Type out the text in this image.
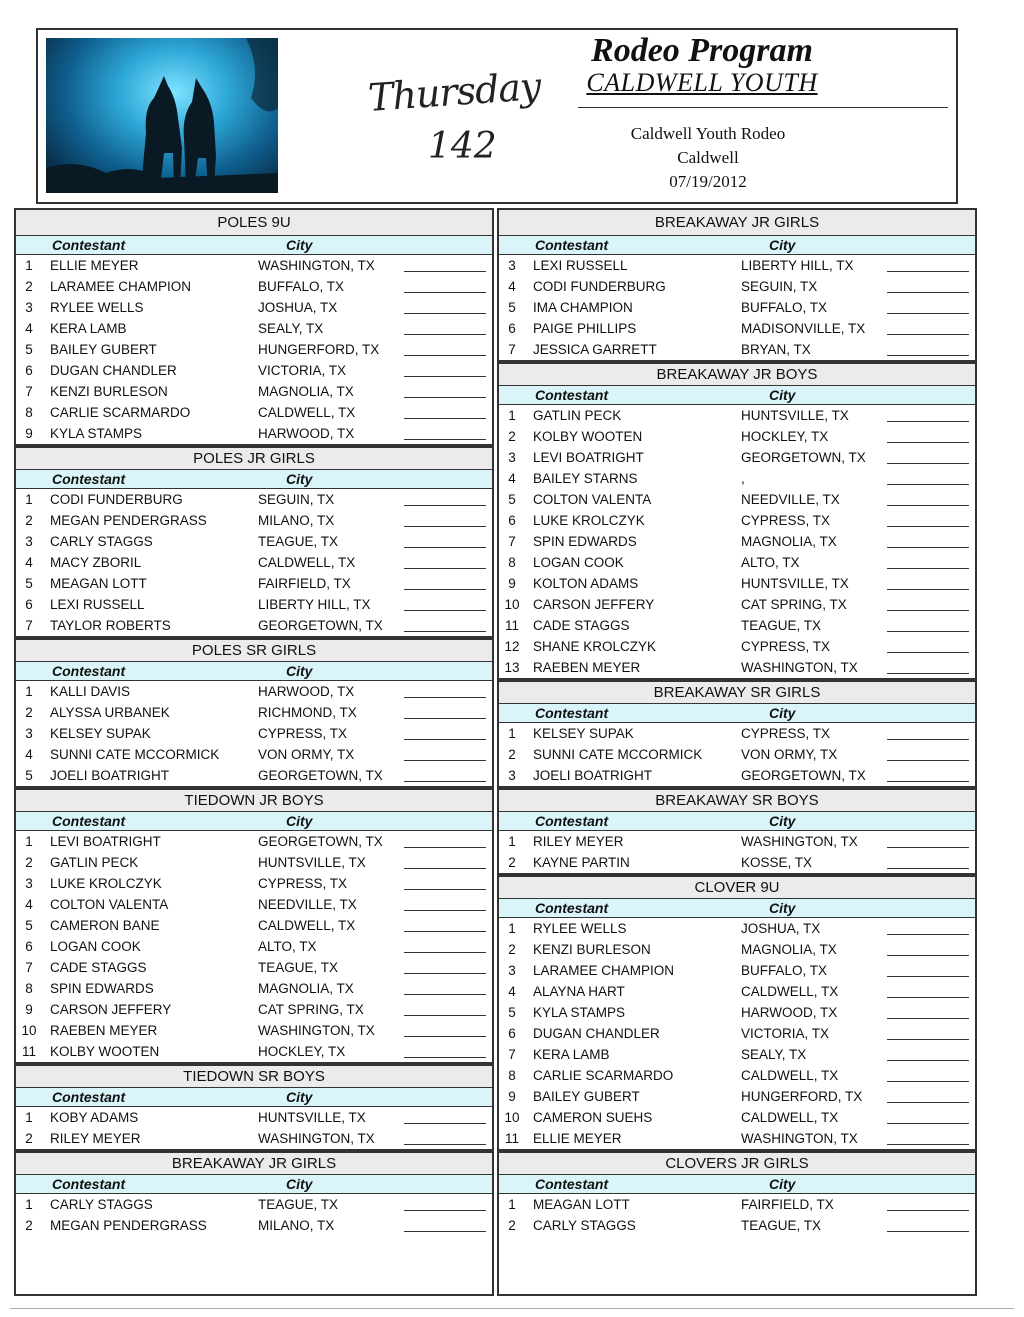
Thursday
142
Rodeo Program
CALDWELL YOUTH
Caldwell Youth Rodeo
Caldwell
07/19/2012
POLES 9U
Contestant	City
1	ELLIE MEYER	WASHINGTON, TX
2	LARAMEE CHAMPION	BUFFALO, TX
3	RYLEE WELLS	JOSHUA, TX
4	KERA LAMB	SEALY, TX
5	BAILEY GUBERT	HUNGERFORD, TX
6	DUGAN CHANDLER	VICTORIA, TX
7	KENZI BURLESON	MAGNOLIA, TX
8	CARLIE SCARMARDO	CALDWELL, TX
9	KYLA STAMPS	HARWOOD, TX
POLES JR GIRLS
Contestant	City
1	CODI FUNDERBURG	SEGUIN, TX
2	MEGAN PENDERGRASS	MILANO, TX
3	CARLY STAGGS	TEAGUE, TX
4	MACY ZBORIL	CALDWELL, TX
5	MEAGAN LOTT	FAIRFIELD, TX
6	LEXI RUSSELL	LIBERTY HILL, TX
7	TAYLOR ROBERTS	GEORGETOWN, TX
POLES SR GIRLS
Contestant	City
1	KALLI DAVIS	HARWOOD, TX
2	ALYSSA URBANEK	RICHMOND, TX
3	KELSEY SUPAK	CYPRESS, TX
4	SUNNI CATE MCCORMICK	VON ORMY, TX
5	JOELI BOATRIGHT	GEORGETOWN, TX
TIEDOWN JR BOYS
Contestant	City
1	LEVI BOATRIGHT	GEORGETOWN, TX
2	GATLIN PECK	HUNTSVILLE, TX
3	LUKE KROLCZYK	CYPRESS, TX
4	COLTON VALENTA	NEEDVILLE, TX
5	CAMERON BANE	CALDWELL, TX
6	LOGAN COOK	ALTO, TX
7	CADE STAGGS	TEAGUE, TX
8	SPIN EDWARDS	MAGNOLIA, TX
9	CARSON JEFFERY	CAT SPRING, TX
10 RAEBEN MEYER	WASHINGTON, TX
11	KOLBY WOOTEN	HOCKLEY, TX
TIEDOWN SR BOYS
Contestant	City
1	KOBY ADAMS	HUNTSVILLE, TX
2	RILEY MEYER	WASHINGTON, TX
BREAKAWAY JR GIRLS
Contestant	City
1	CARLY STAGGS	TEAGUE, TX
2	MEGAN PENDERGRASS	MILANO, TX
BREAKAWAY JR GIRLS
Contestant	City
3	LEXI RUSSELL	LIBERTY HILL, TX
4	CODI FUNDERBURG	SEGUIN, TX
5	IMA CHAMPION	BUFFALO, TX
6	PAIGE PHILLIPS	MADISONVILLE, TX
7	JESSICA GARRETT	BRYAN, TX
BREAKAWAY JR BOYS
Contestant	City
1	GATLIN PECK	HUNTSVILLE, TX
2	KOLBY WOOTEN	HOCKLEY, TX
3	LEVI BOATRIGHT	GEORGETOWN, TX
4	BAILEY STARNS	,
5	COLTON VALENTA	NEEDVILLE, TX
6	LUKE KROLCZYK	CYPRESS, TX
7	SPIN EDWARDS	MAGNOLIA, TX
8	LOGAN COOK	ALTO, TX
9	KOLTON ADAMS	HUNTSVILLE, TX
10 CARSON JEFFERY	CAT SPRING, TX
11	CADE STAGGS	TEAGUE, TX
12 SHANE KROLCZYK	CYPRESS, TX
13 RAEBEN MEYER	WASHINGTON, TX
BREAKAWAY SR GIRLS
Contestant	City
1	KELSEY SUPAK	CYPRESS, TX
2	SUNNI CATE MCCORMICK	VON ORMY, TX
3	JOELI BOATRIGHT	GEORGETOWN, TX
BREAKAWAY SR BOYS
Contestant	City
1	RILEY MEYER	WASHINGTON, TX
2	KAYNE PARTIN	KOSSE, TX
CLOVER 9U
Contestant	City
1	RYLEE WELLS	JOSHUA, TX
2	KENZI BURLESON	MAGNOLIA, TX
3	LARAMEE CHAMPION	BUFFALO, TX
4	ALAYNA HART	CALDWELL, TX
5	KYLA STAMPS	HARWOOD, TX
6	DUGAN CHANDLER	VICTORIA, TX
7	KERA LAMB	SEALY, TX
8	CARLIE SCARMARDO	CALDWELL, TX
9	BAILEY GUBERT	HUNGERFORD, TX
10 CAMERON SUEHS	CALDWELL, TX
11	ELLIE MEYER	WASHINGTON, TX
CLOVERS JR GIRLS
Contestant	City
1	MEAGAN LOTT	FAIRFIELD, TX
2	CARLY STAGGS	TEAGUE, TX
